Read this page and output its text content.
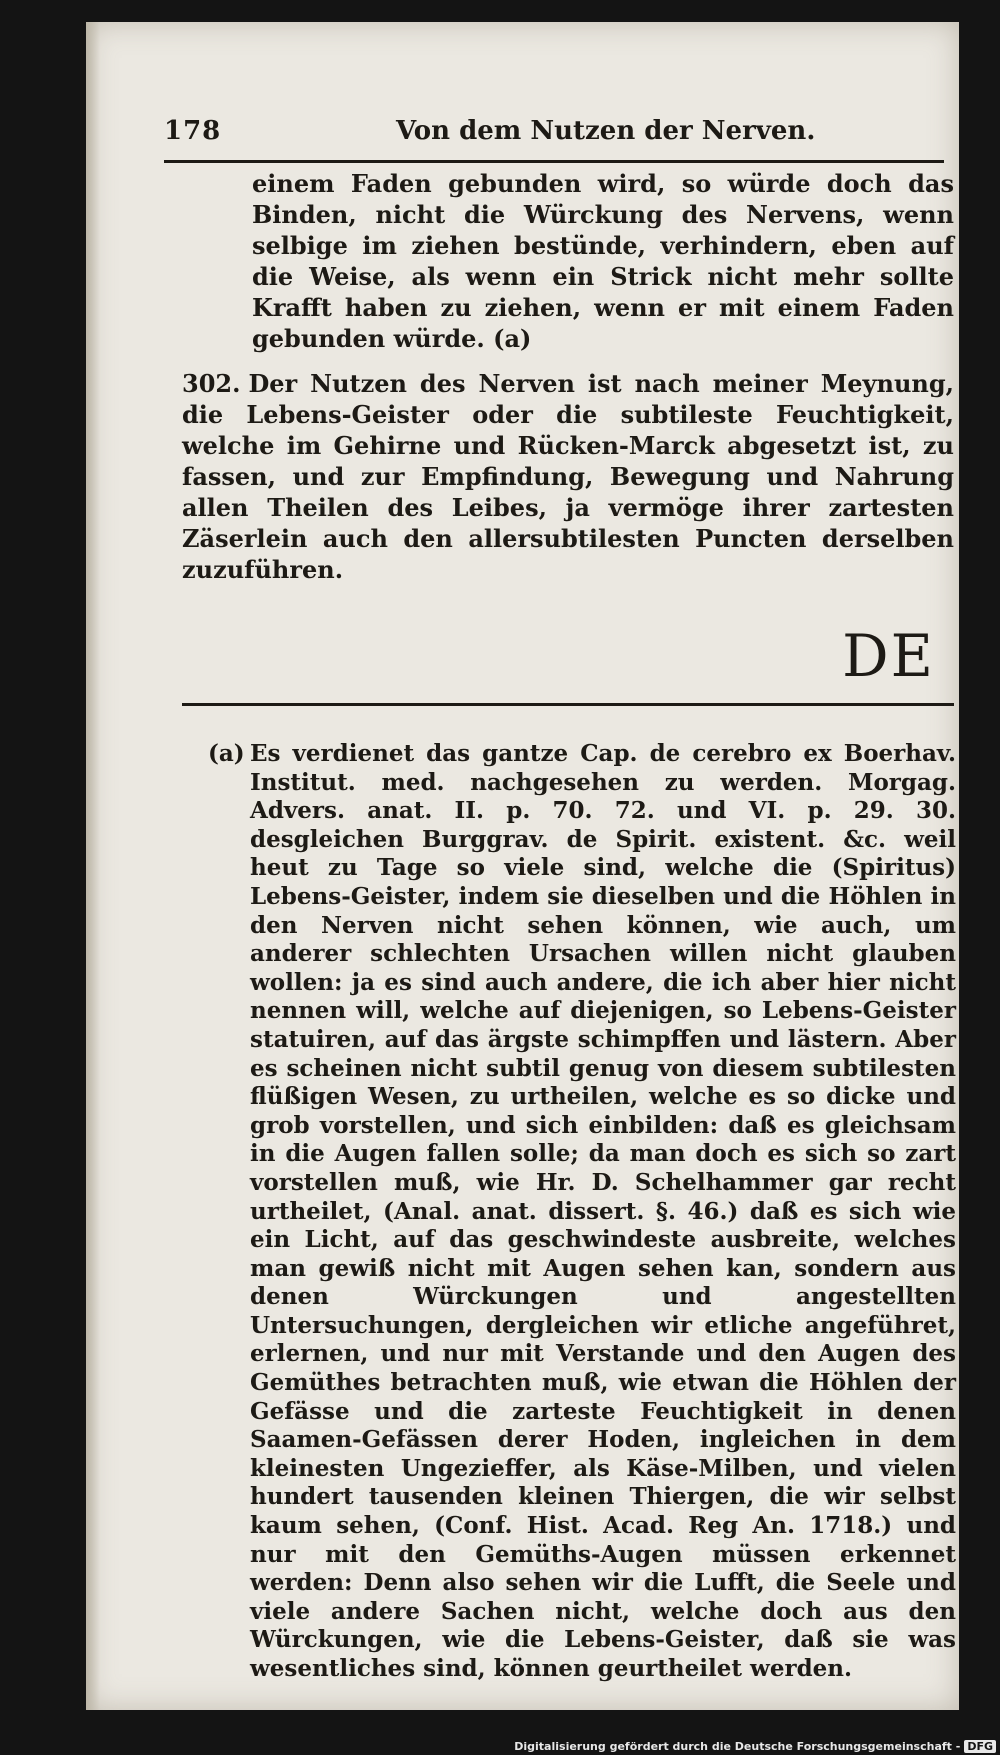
178	Von dem Nutzen der Nerven.

einem Faden gebunden wird, so würde doch das Binden, nicht die Würckung des Nervens, wenn selbige im ziehen bestünde, verhindern, eben auf die Weise, als wenn ein Strick nicht mehr sollte Krafft haben zu ziehen, wenn er mit einem Faden gebunden würde. (a)

302. Der Nutzen des Nerven ist nach meiner Meynung, die Lebens-Geister oder die subtileste Feuchtigkeit, welche im Gehirne und Rücken-Marck abgesetzt ist, zu fassen, und zur Empfindung, Bewegung und Nahrung allen Theilen des Leibes, ja vermöge ihrer zartesten Zäserlein auch den allersubtilesten Puncten derselben zuzuführen.

DE
(a) Es verdienet das gantze Cap. de cerebro ex Boerhav. Institut. med. nachgesehen zu werden. Morgag. Advers. anat. II. p. 70. 72. und VI. p. 29. 30. desgleichen Burggrav. de Spirit. existent. &c. weil heut zu Tage so viele sind, welche die (Spiritus) Lebens-Geister, indem sie dieselben und die Höhlen in den Nerven nicht sehen können, wie auch, um anderer schlechten Ursachen willen nicht glauben wollen: ja es sind auch andere, die ich aber hier nicht nennen will, welche auf diejenigen, so Lebens-Geister statuiren, auf das ärgste schimpffen und lästern. Aber es scheinen nicht subtil genug von diesem subtilesten flüßigen Wesen, zu urtheilen, welche es so dicke und grob vorstellen, und sich einbilden: daß es gleichsam in die Augen fallen solle; da man doch es sich so zart vorstellen muß, wie Hr. D. Schelhammer gar recht urtheilet, (Anal. anat. dissert. §. 46.) daß es sich wie ein Licht, auf das geschwindeste ausbreite, welches man gewiß nicht mit Augen sehen kan, sondern aus denen Würckungen und angestellten Untersuchungen, dergleichen wir etliche angeführet, erlernen, und nur mit Verstande und den Augen des Gemüthes betrachten muß, wie etwan die Höhlen der Gefässe und die zarteste Feuchtigkeit in denen Saamen-Gefässen derer Hoden, ingleichen in dem kleinesten Ungezieffer, als Käse-Milben, und vielen hundert tausenden kleinen Thiergen, die wir selbst kaum sehen, (Conf. Hist. Acad. Reg An. 1718.) und nur mit den Gemüths-Augen müssen erkennet werden: Denn also sehen wir die Lufft, die Seele und viele andere Sachen nicht, welche doch aus den Würckungen, wie die Lebens-Geister, daß sie was wesentliches sind, können geurtheilet werden.

Digitalisierung gefördert durch die Deutsche Forschungsgemeinschaft - DFG
